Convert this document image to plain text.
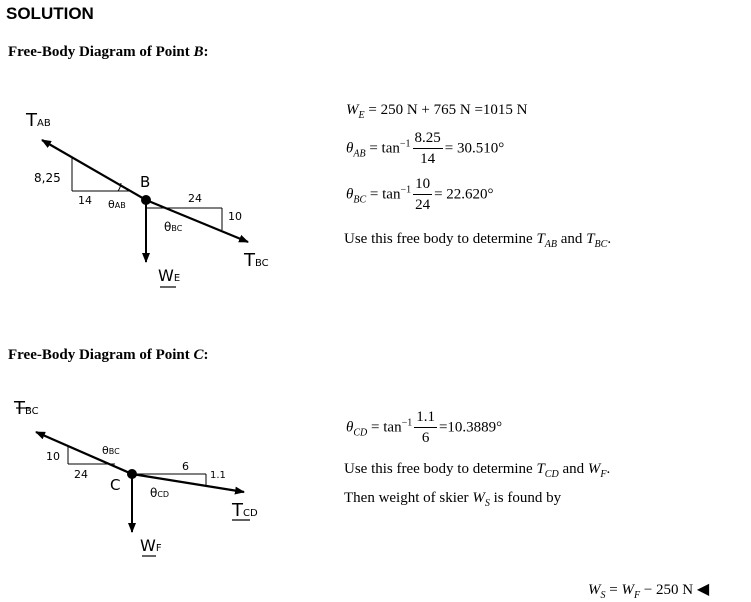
SOLUTION
Free-Body Diagram of Point B:
TAB
8,25
14 θAB
B
24
10
θBC
WE
TBC
$W_E = 250$ N + 765 N =1015 N
$\theta_{AB} = \tan^{-1} \frac{8.25}{14} = 30.510^\circ$
$\theta_{BC} = \tan^{-1} \frac{10}{24} = 22.620^\circ$
Use this free body to determine $T_{AB}$ and $T_{BC}$.
Free-Body Diagram of Point C:
TBC
θBC
10
24
6
1.1
C θCD
WF
TCD
$\theta_{CD} = \tan^{-1} \frac{1.1}{6} =10.3889^\circ$
Use this free body to determine $T_{CD}$ and $W_F$.
Then weight of skier $W_S$ is found by
$W_S = W_F - 250$ N ◀
